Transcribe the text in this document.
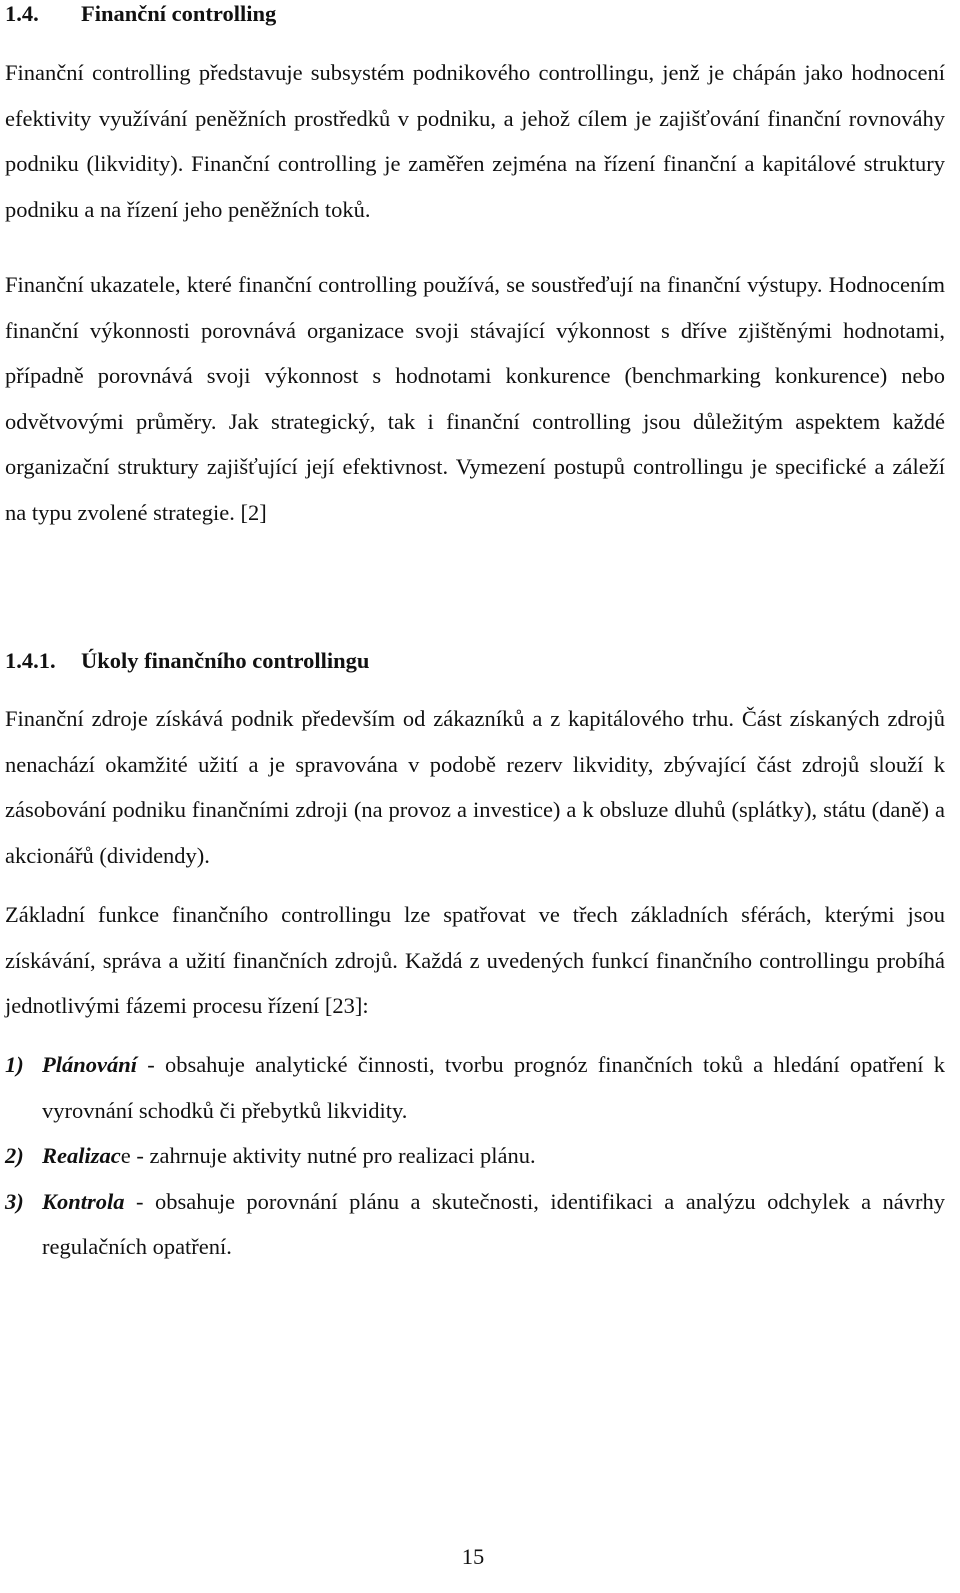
1.4. Finanční controlling
Finanční controlling představuje subsystém podnikového controllingu, jenž je chápán jako hodnocení efektivity využívání peněžních prostředků v podniku, a jehož cílem je zajišťování finanční rovnováhy podniku (likvidity). Finanční controlling je zaměřen zejména na řízení finanční a kapitálové struktury podniku a na řízení jeho peněžních toků.
Finanční ukazatele, které finanční controlling používá, se soustřeďují na finanční výstupy. Hodnocením finanční výkonnosti porovnává organizace svoji stávající výkonnost s dříve zjištěnými hodnotami, případně porovnává svoji výkonnost s hodnotami konkurence (benchmarking konkurence) nebo odvětvovými průměry. Jak strategický, tak i finanční controlling jsou důležitým aspektem každé organizační struktury zajišťující její efektivnost. Vymezení postupů controllingu je specifické a záleží na typu zvolené strategie. [2]
1.4.1. Úkoly finančního controllingu
Finanční zdroje získává podnik především od zákazníků a z kapitálového trhu. Část získaných zdrojů nenachází okamžité užití a je spravována v podobě rezerv likvidity, zbývající část zdrojů slouží k zásobování podniku finančními zdroji (na provoz a investice) a k obsluze dluhů (splátky), státu (daně) a akcionářů (dividendy).
Základní funkce finančního controllingu lze spatřovat ve třech základních sférách, kterými jsou získávání, správa a užití finančních zdrojů. Každá z uvedených funkcí finančního controllingu probíhá jednotlivými fázemi procesu řízení [23]:
1) Plánování - obsahuje analytické činnosti, tvorbu prognóz finančních toků a hledání opatření k vyrovnání schodků či přebytků likvidity.
2) Realizace - zahrnuje aktivity nutné pro realizaci plánu.
3) Kontrola - obsahuje porovnání plánu a skutečnosti, identifikaci a analýzu odchylek a návrhy regulačních opatření.
15
